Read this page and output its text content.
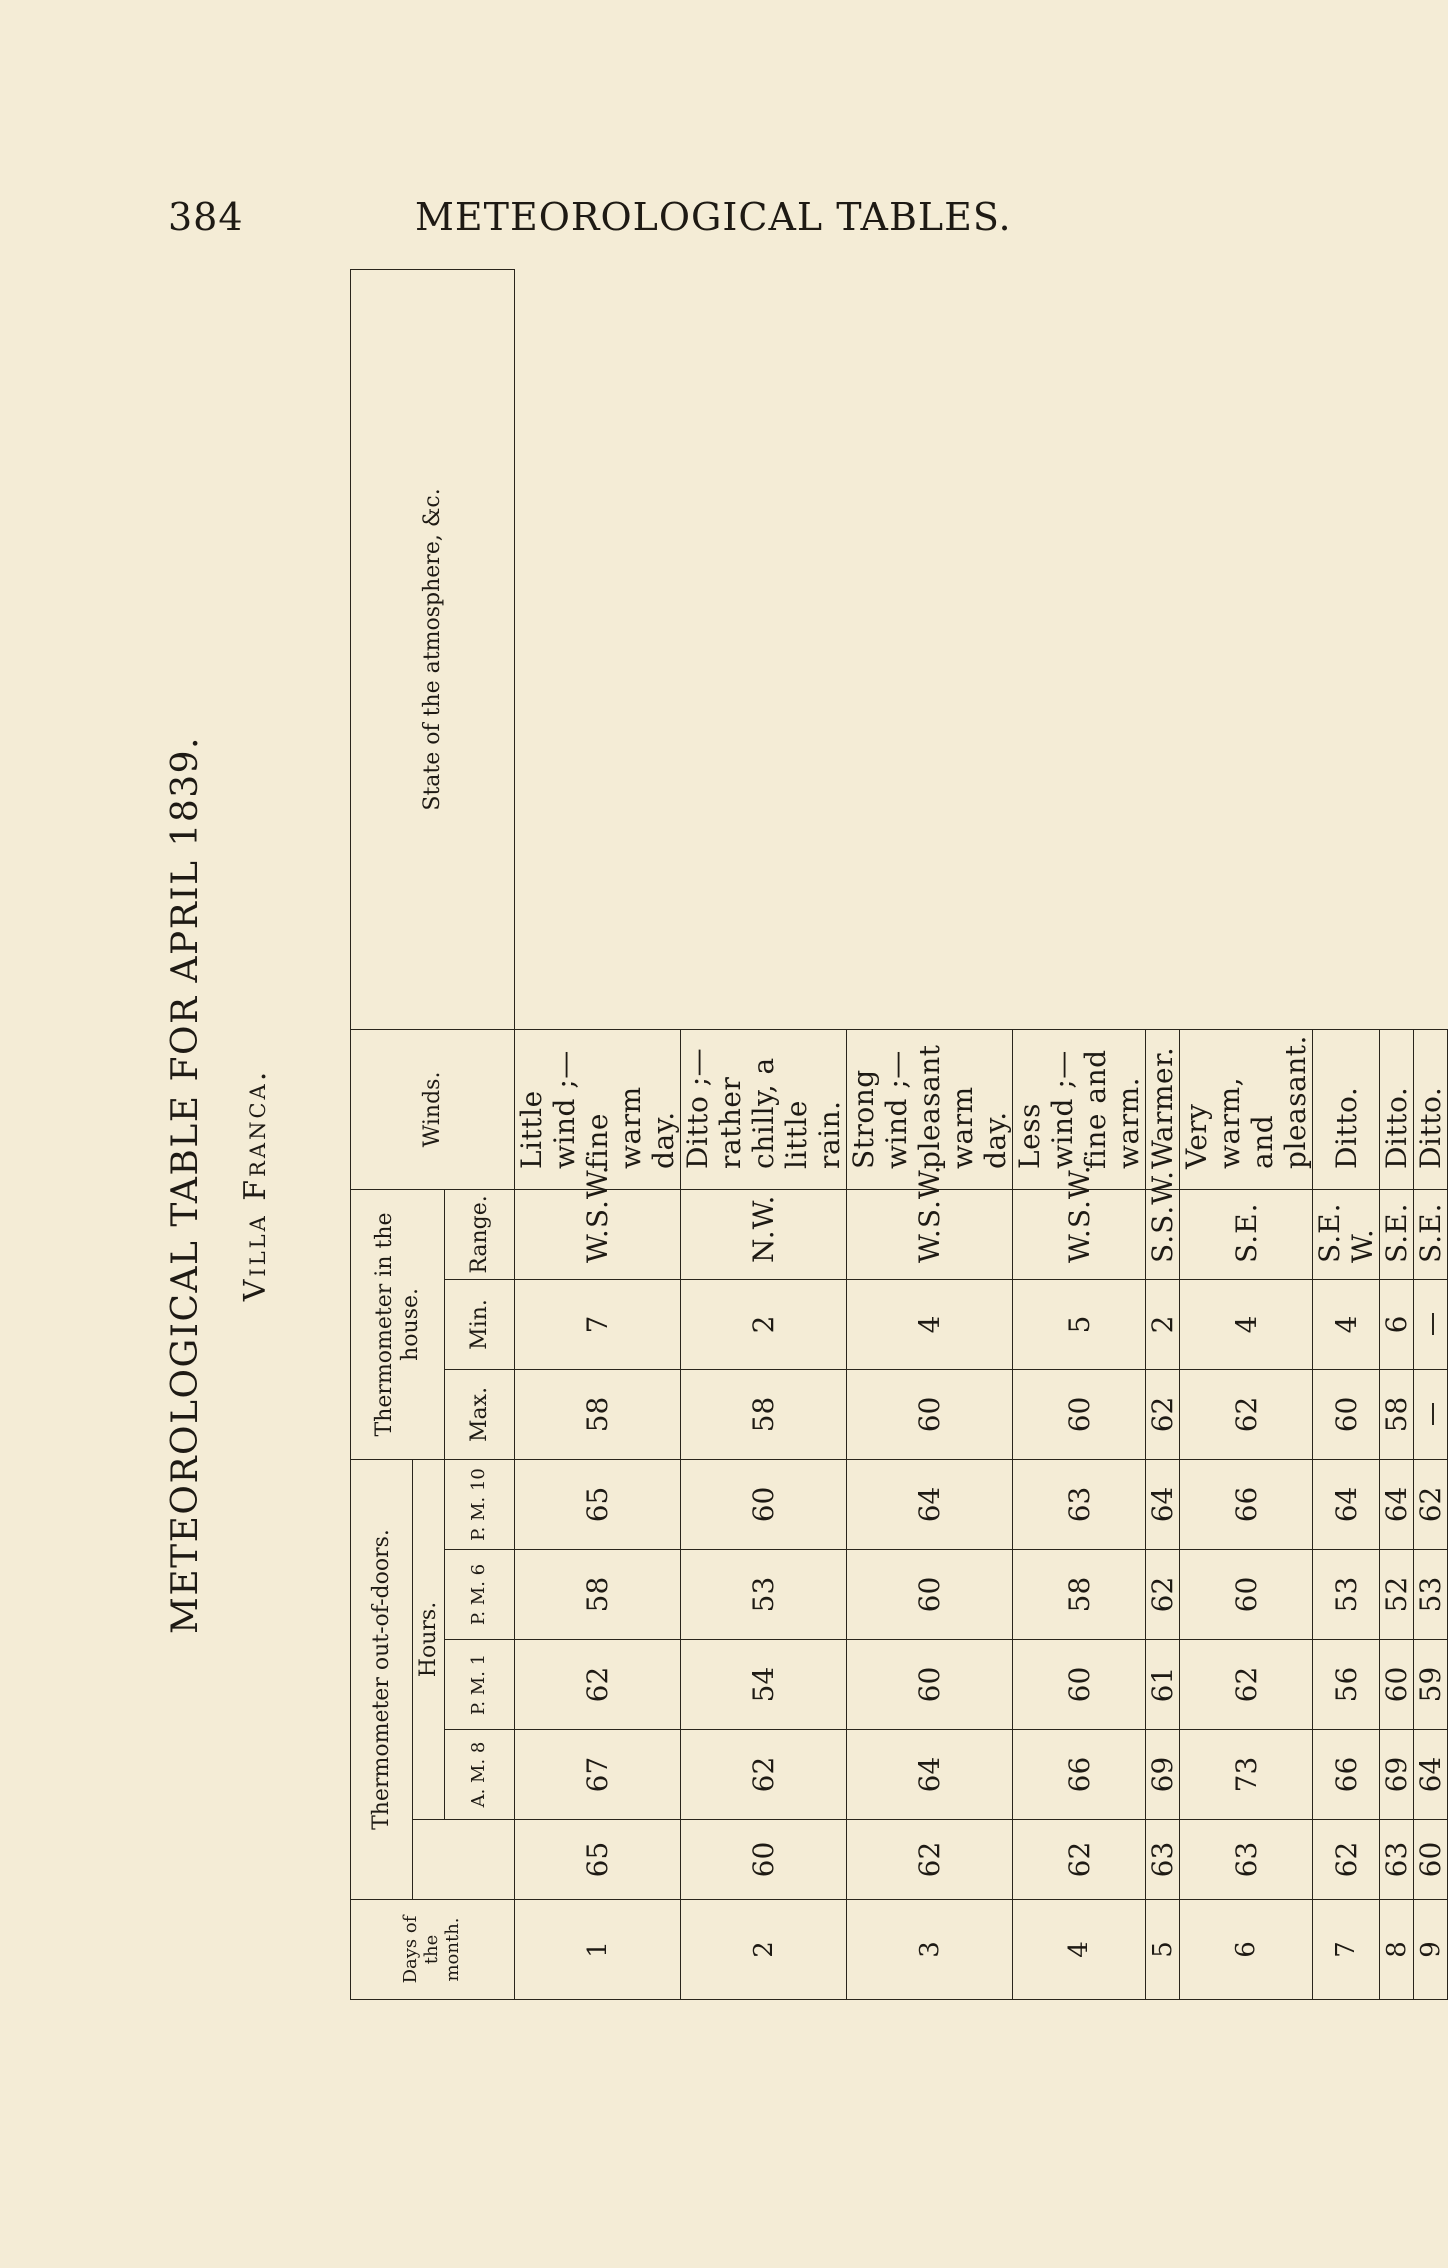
384	METEOROLOGICAL TABLES.
METEOROLOGICAL TABLE FOR APRIL 1839. Villa Franca.
Days of the month.	Thermometer out-of-doors.					Thermometer in the house.			Winds.	State of the atmosphere, &c.
		Hours.								
		A. M. 8	P. M. 1	P. M. 6	P. M. 10	Max.	Min.	Range.		
1	65	67	62	58	65	58	7	W.S.W.	Little wind ;—fine warm day.	
2	60	62	54	53	60	58	2	N.W.	Ditto ;—rather chilly, a little rain.	
3	62	64	60	60	64	60	4	W.S.W.	Strong wind ;—pleasant warm day.	
4	62	66	60	58	63	60	5	W.S.W.	Less wind ;—fine and warm.	
5	63	69	61	62	64	62	2	S.S.W.	Warmer.	
6	63	73	62	60	66	62	4	S.E.	Very warm, and pleasant.	
7	62	66	56	53	64	60	4	S.E. W.	Ditto.	
8	63	69	60	52	64	58	6	S.E.	Ditto.	
9	60	64	59	53	62			S.E.	Ditto.	
